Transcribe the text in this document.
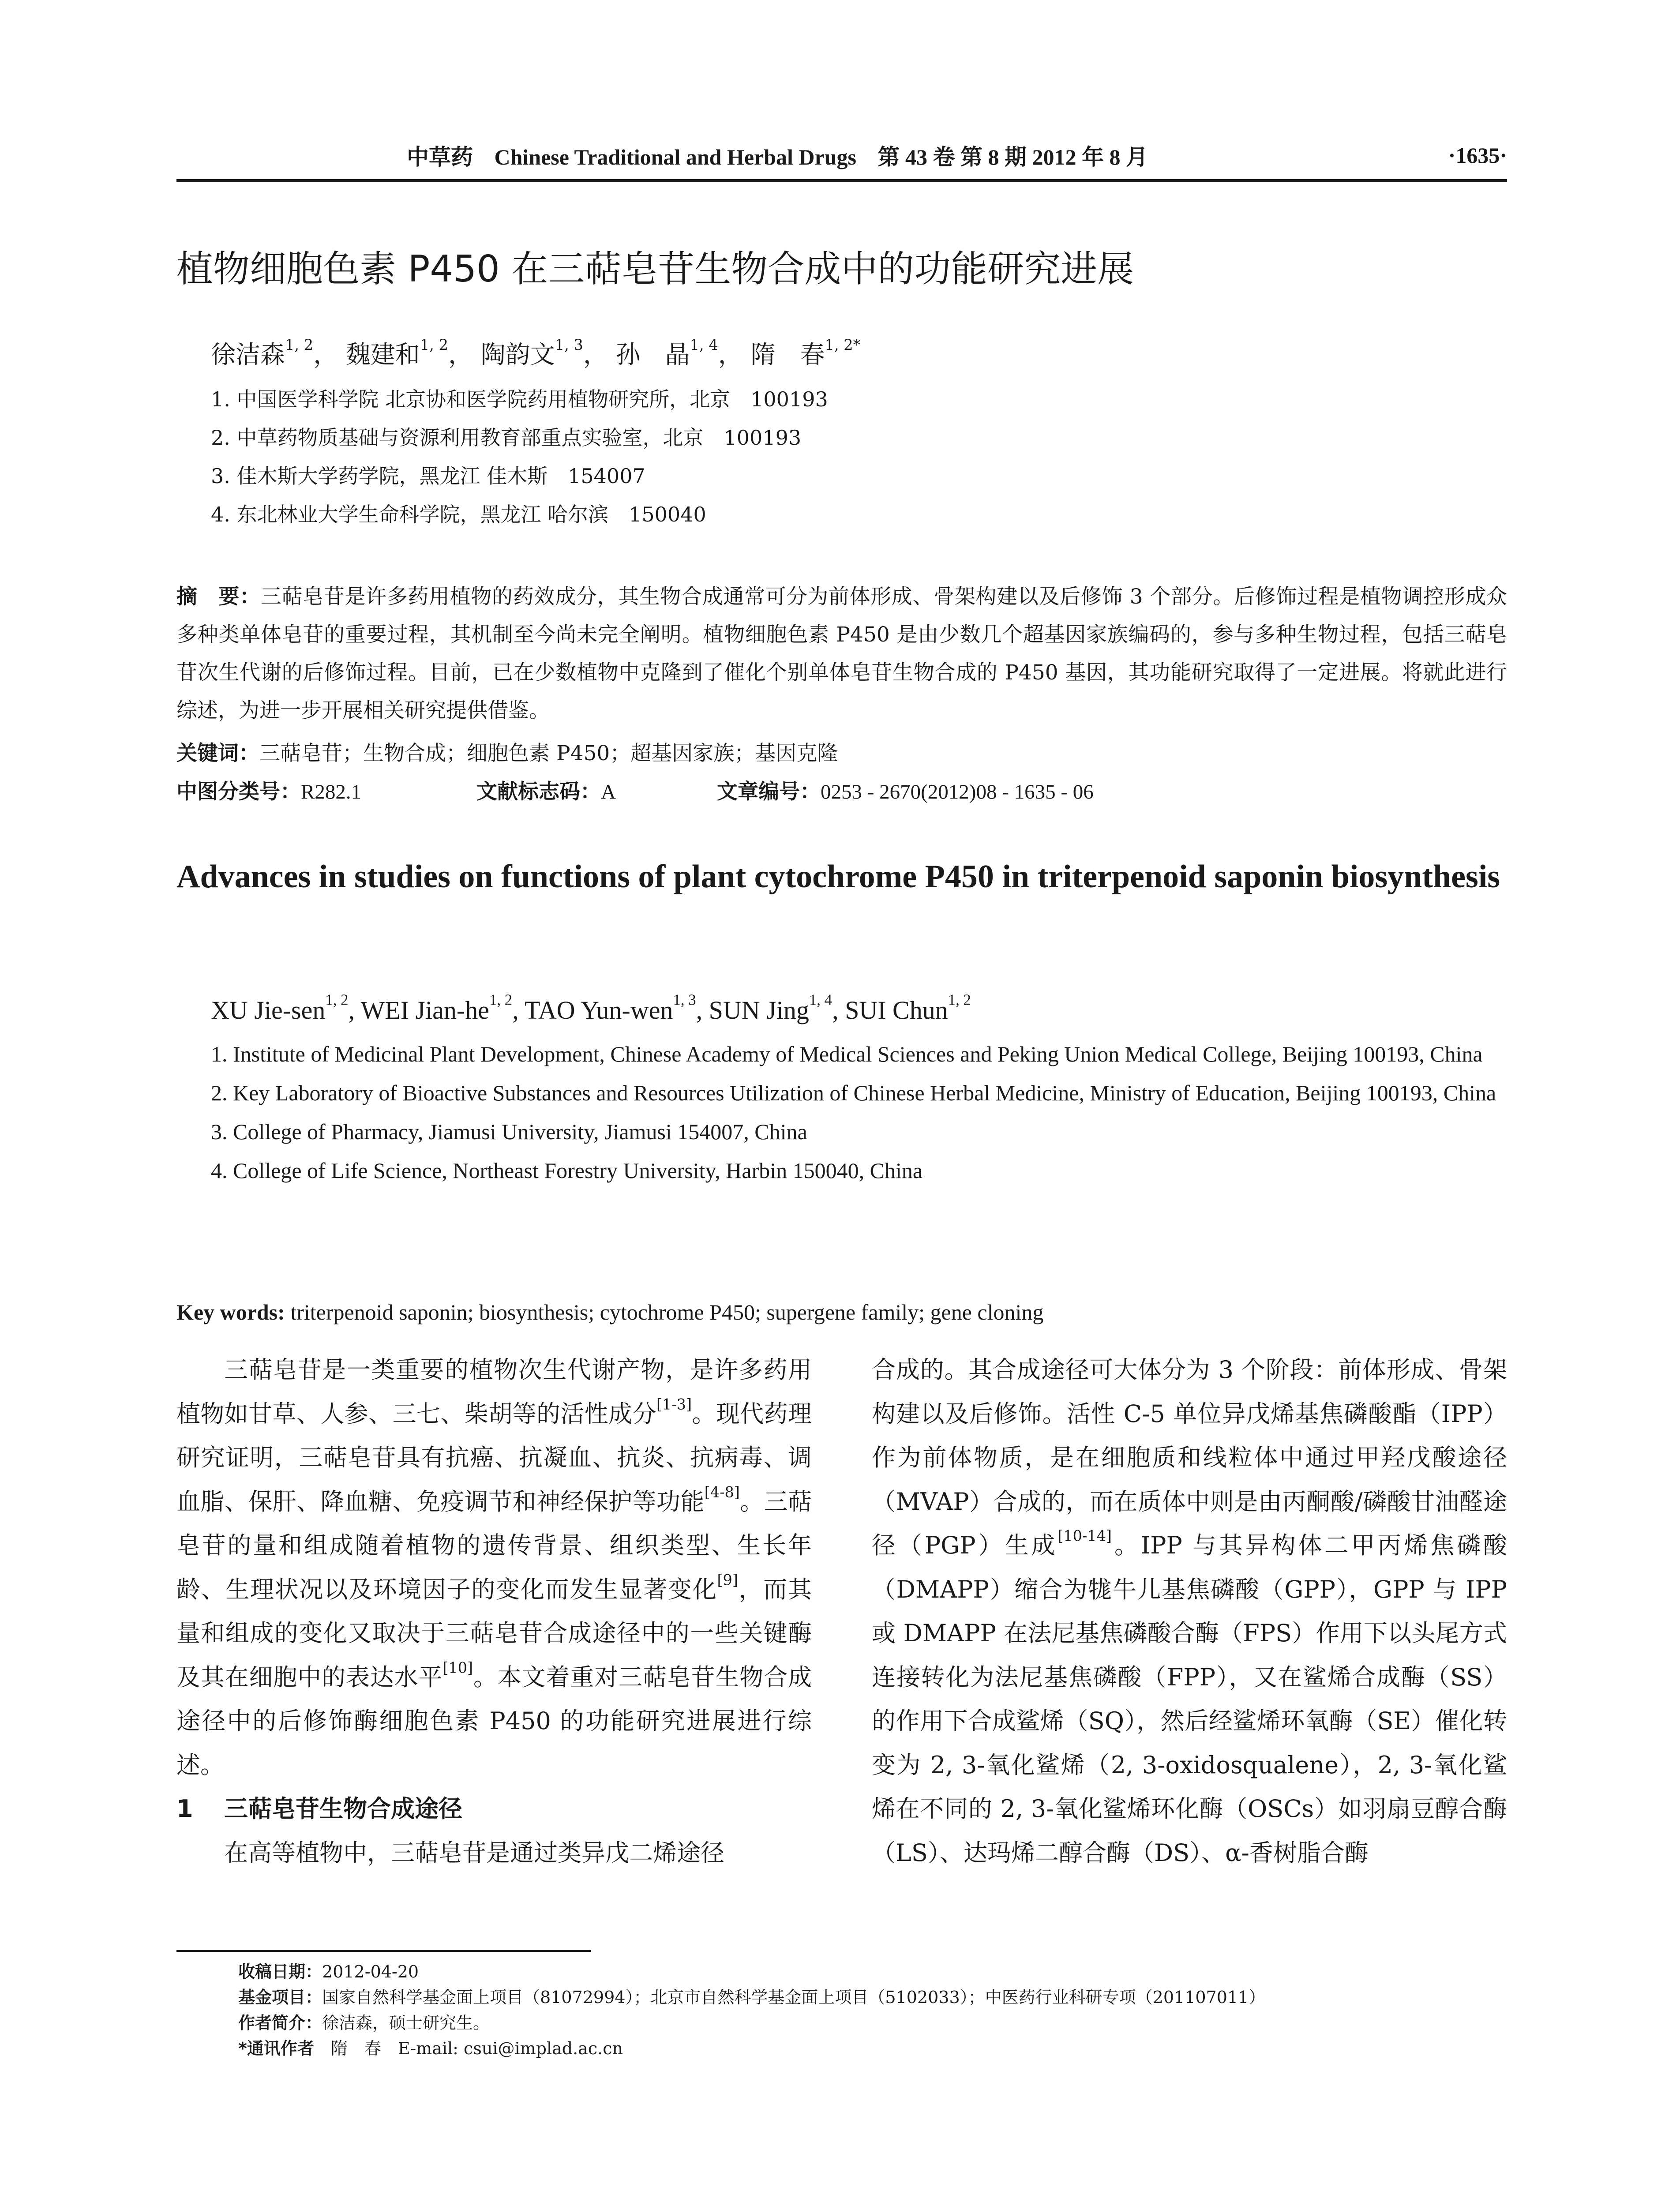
中草药 Chinese Traditional and Herbal Drugs 第 43 卷 第 8 期 2012 年 8 月	·1635·
植物细胞色素 P450 在三萜皂苷生物合成中的功能研究进展
徐洁森$^{1, 2}$， 魏建和$^{1, 2}$， 陶韵文$^{1, 3}$， 孙　晶$^{1, 4}$， 隋　春$^{1, 2*}$
1. 中国医学科学院 北京协和医学院药用植物研究所，北京　100193
2. 中草药物质基础与资源利用教育部重点实验室，北京　100193
3. 佳木斯大学药学院，黑龙江 佳木斯　154007
4. 东北林业大学生命科学院，黑龙江 哈尔滨　150040
摘　要：三萜皂苷是许多药用植物的药效成分，其生物合成通常可分为前体形成、骨架构建以及后修饰 3 个部分。后修饰过程是植物调控形成众多种类单体皂苷的重要过程，其机制至今尚未完全阐明。植物细胞色素 P450 是由少数几个超基因家族编码的，参与多种生物过程，包括三萜皂苷次生代谢的后修饰过程。目前，已在少数植物中克隆到了催化个别单体皂苷生物合成的 P450 基因，其功能研究取得了一定进展。将就此进行综述，为进一步开展相关研究提供借鉴。
关键词：三萜皂苷；生物合成；细胞色素 P450；超基因家族；基因克隆
中图分类号：R282.1	文献标志码：A	文章编号：0253 - 2670(2012)08 - 1635 - 06
Advances in studies on functions of plant cytochrome P450 in triterpenoid saponin biosynthesis
XU Jie-sen$^{1, 2}$, WEI Jian-he$^{1, 2}$, TAO Yun-wen$^{1, 3}$, SUN Jing$^{1, 4}$, SUI Chun$^{1, 2}$
1. Institute of Medicinal Plant Development, Chinese Academy of Medical Sciences and Peking Union Medical College, Beijing 100193, China
2. Key Laboratory of Bioactive Substances and Resources Utilization of Chinese Herbal Medicine, Ministry of Education, Beijing 100193, China
3. College of Pharmacy, Jiamusi University, Jiamusi 154007, China
4. College of Life Science, Northeast Forestry University, Harbin 150040, China
Key words: triterpenoid saponin; biosynthesis; cytochrome P450; supergene family; gene cloning

三萜皂苷是一类重要的植物次生代谢产物，是许多药用植物如甘草、人参、三七、柴胡等的活性成分[1-3]。现代药理研究证明，三萜皂苷具有抗癌、抗凝血、抗炎、抗病毒、调血脂、保肝、降血糖、免疫调节和神经保护等功能[4-8]。三萜皂苷的量和组成随着植物的遗传背景、组织类型、生长年龄、生理状况以及环境因子的变化而发生显著变化[9]，而其量和组成的变化又取决于三萜皂苷合成途径中的一些关键酶及其在细胞中的表达水平[10]。本文着重对三萜皂苷生物合成途径中的后修饰酶细胞色素 P450 的功能研究进展进行综述。

1 三萜皂苷生物合成途径

在高等植物中，三萜皂苷是通过类异戊二烯途径

合成的。其合成途径可大体分为 3 个阶段：前体形成、骨架构建以及后修饰。活性 C-5 单位异戊烯基焦磷酸酯（IPP）作为前体物质，是在细胞质和线粒体中通过甲羟戊酸途径（MVAP）合成的，而在质体中则是由丙酮酸/磷酸甘油醛途径（PGP）生成[10-14]。IPP 与其异构体二甲丙烯焦磷酸（DMAPP）缩合为牻牛儿基焦磷酸（GPP），GPP 与 IPP 或 DMAPP 在法尼基焦磷酸合酶（FPS）作用下以头尾方式连接转化为法尼基焦磷酸（FPP），又在鲨烯合成酶（SS）的作用下合成鲨烯（SQ），然后经鲨烯环氧酶（SE）催化转变为 2, 3-氧化鲨烯（2, 3-oxidosqualene），2, 3-氧化鲨烯在不同的 2, 3-氧化鲨烯环化酶（OSCs）如羽扇豆醇合酶（LS）、达玛烯二醇合酶（DS）、α-香树脂合酶

收稿日期：2012-04-20
基金项目：国家自然科学基金面上项目（81072994）；北京市自然科学基金面上项目（5102033）；中医药行业科研专项（201107011）
作者简介：徐洁森，硕士研究生。
*通讯作者　隋　春　E-mail: csui@implad.ac.cn
